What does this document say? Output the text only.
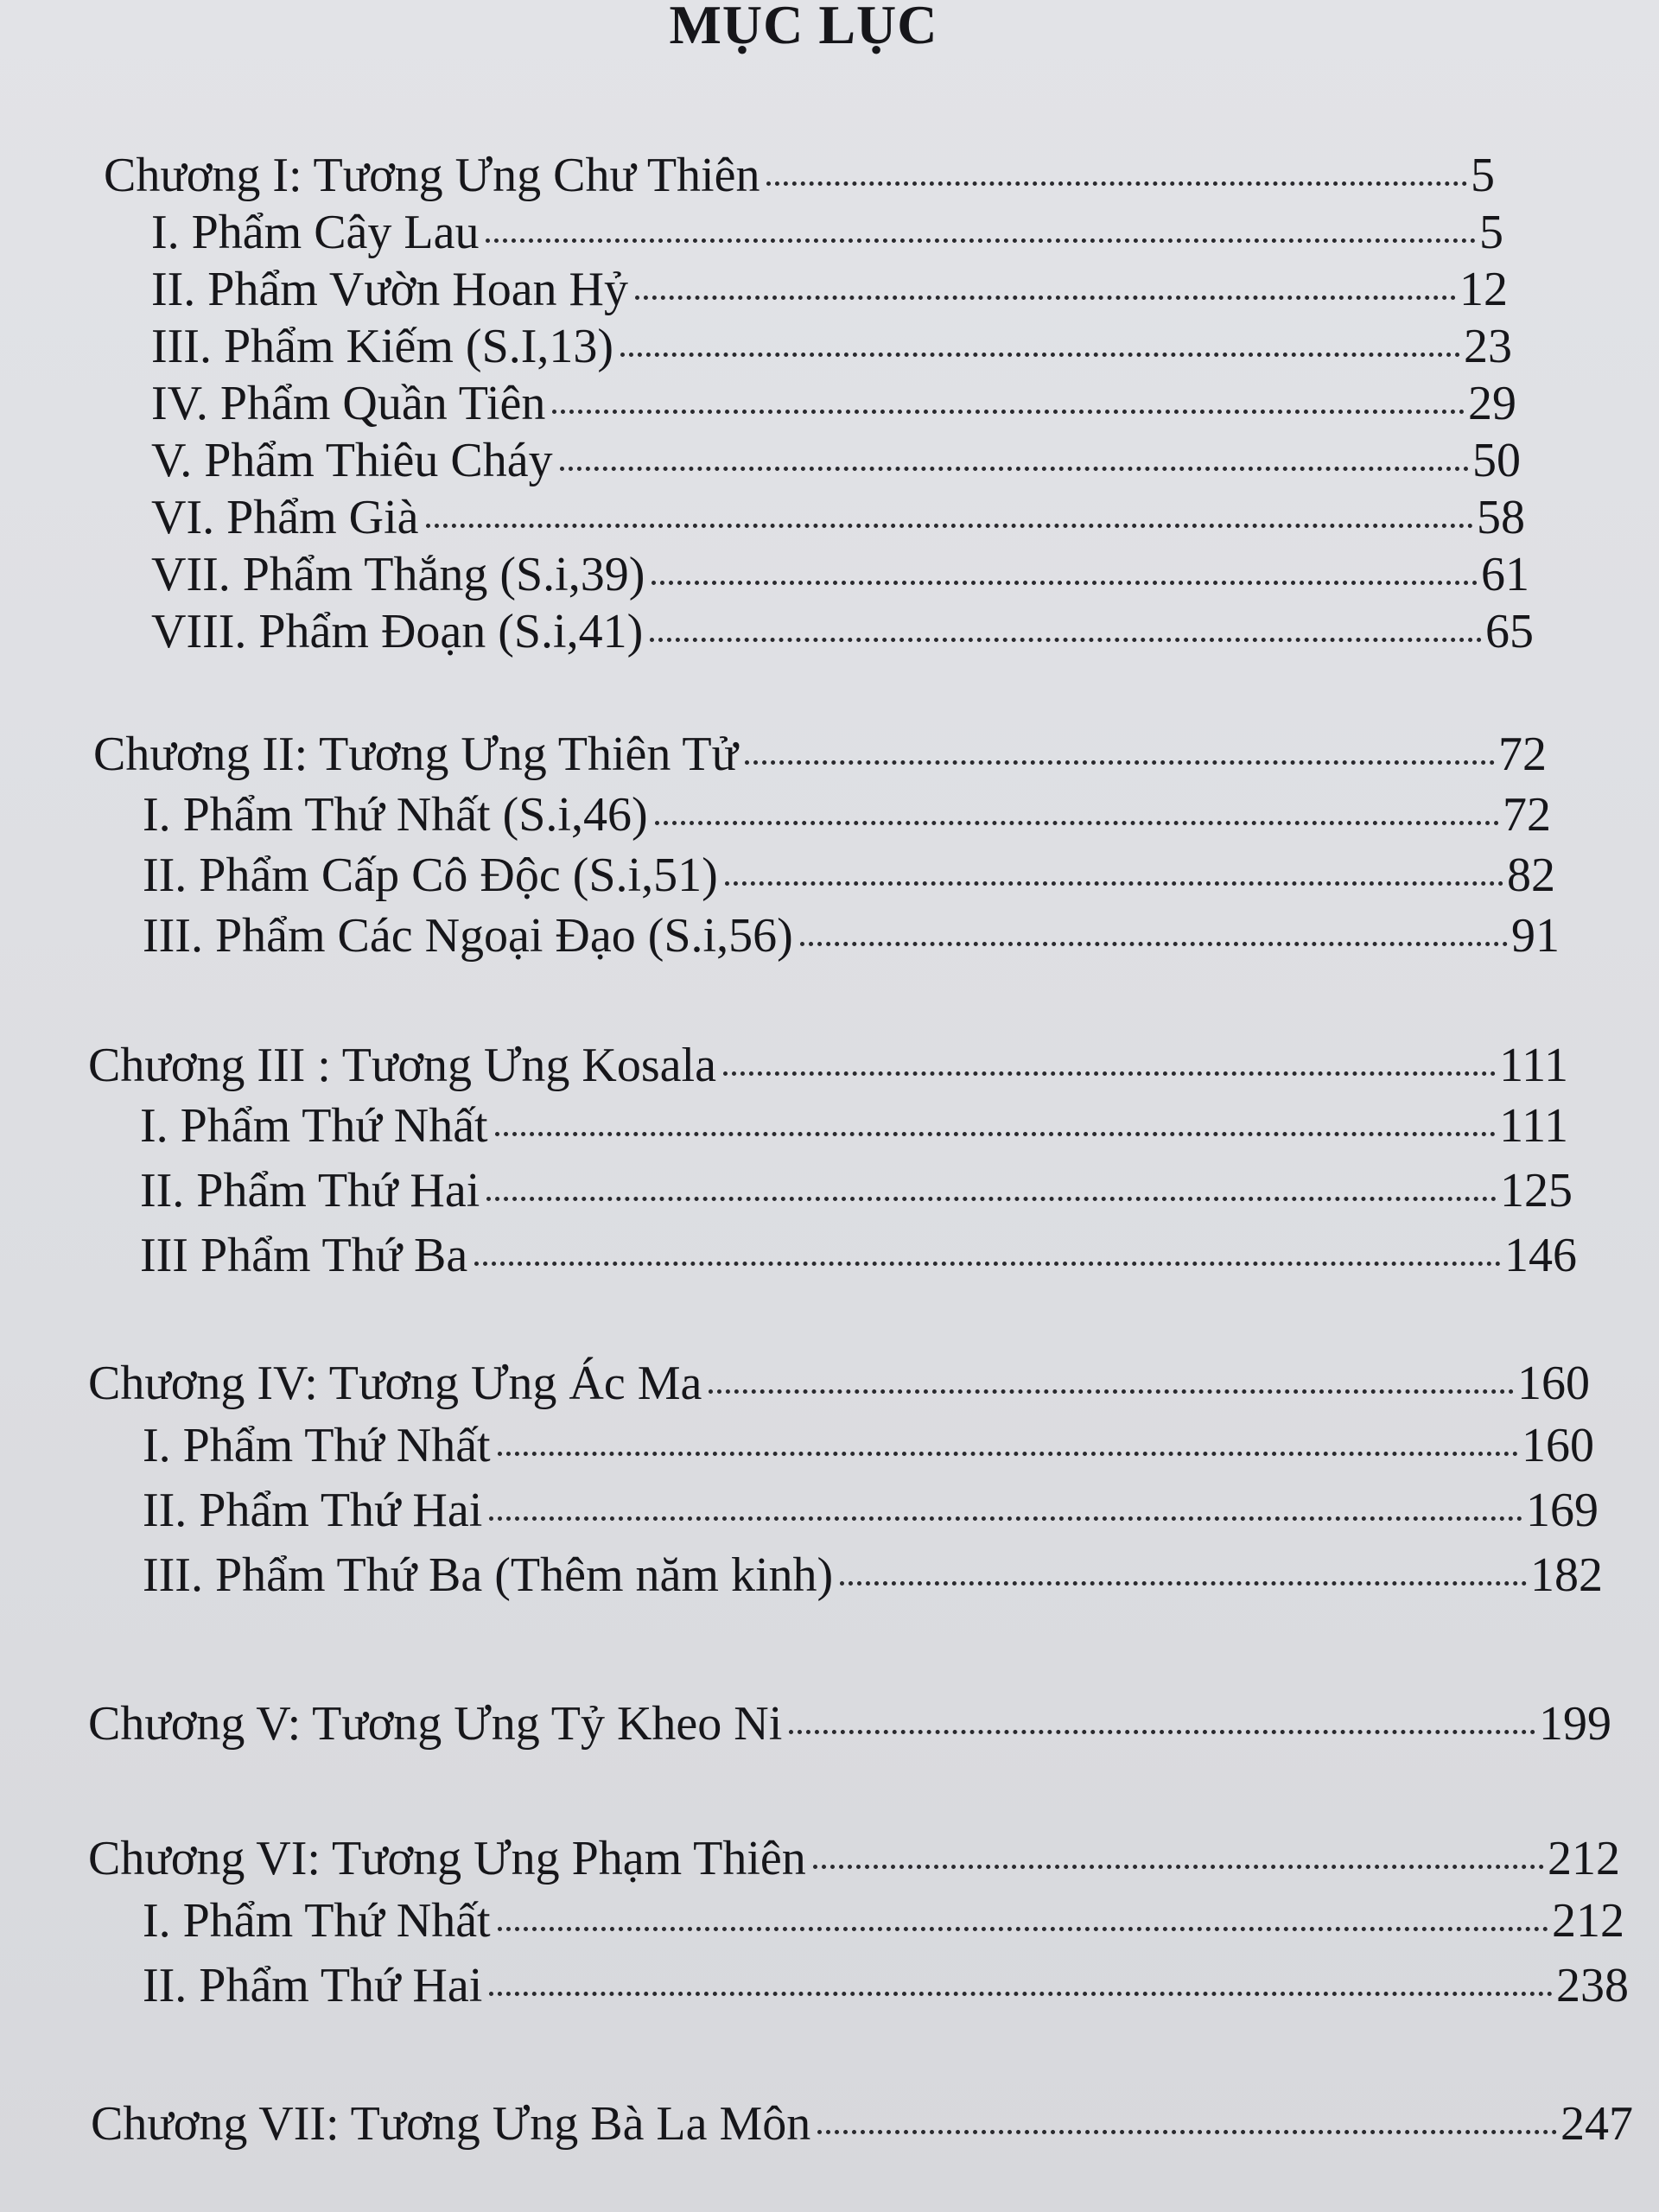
MỤC LỤC
Chương I: Tương Ưng Chư Thiên	5
I. Phẩm Cây Lau	5
II. Phẩm Vườn Hoan Hỷ	12
III. Phẩm Kiếm (S.I,13)	23
IV. Phẩm Quần Tiên	29
V. Phẩm Thiêu Cháy	50
VI. Phẩm Già	58
VII. Phẩm Thắng (S.i,39)	61
VIII. Phẩm Đoạn (S.i,41)	65
Chương II: Tương Ưng Thiên Tử	72
I. Phẩm Thứ Nhất (S.i,46)	72
II. Phẩm Cấp Cô Độc (S.i,51)	82
III. Phẩm Các Ngoại Đạo (S.i,56)	91
Chương III : Tương Ưng Kosala	111
I. Phẩm Thứ Nhất	111
II. Phẩm Thứ Hai	125
III Phẩm Thứ Ba	146
Chương IV: Tương Ưng Ác Ma	160
I. Phẩm Thứ Nhất	160
II. Phẩm Thứ Hai	169
III. Phẩm Thứ Ba (Thêm năm kinh)	182
Chương V: Tương Ưng Tỷ Kheo Ni	199
Chương VI: Tương Ưng Phạm Thiên	212
I. Phẩm Thứ Nhất	212
II. Phẩm Thứ Hai	238
Chương VII: Tương Ưng Bà La Môn	247
